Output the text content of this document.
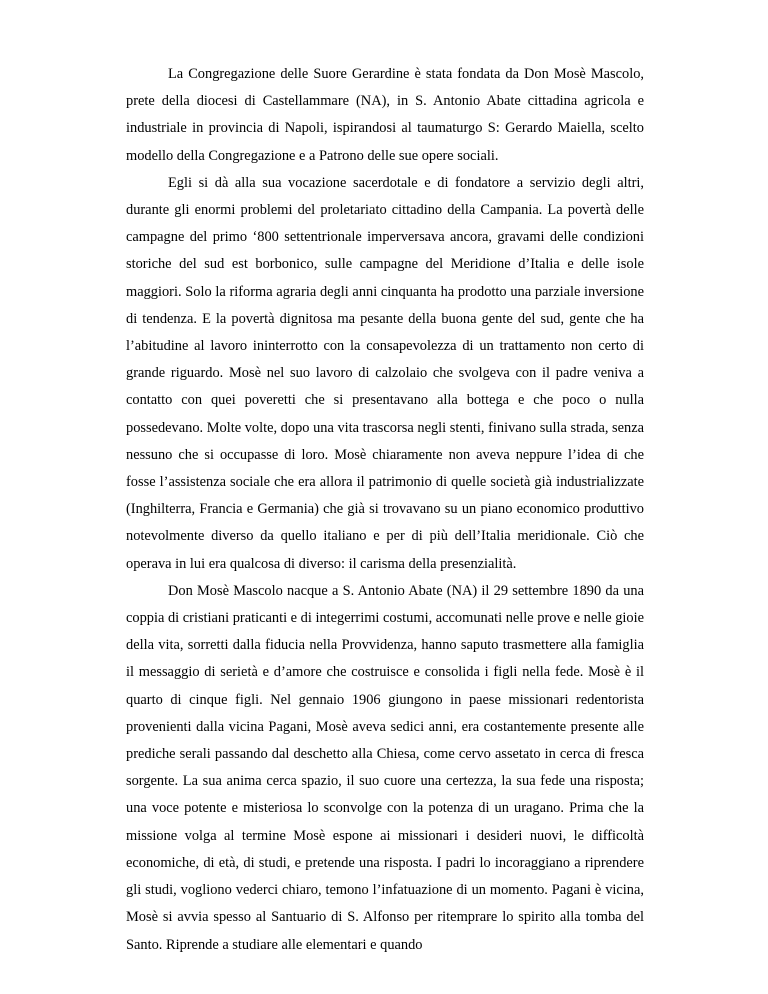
La Congregazione delle Suore Gerardine è stata fondata da Don Mosè Mascolo, prete della diocesi di Castellammare (NA), in S. Antonio Abate cittadina agricola e industriale in provincia di Napoli, ispirandosi al taumaturgo S: Gerardo Maiella, scelto modello della Congregazione e a Patrono delle sue opere sociali.

Egli si dà alla sua vocazione sacerdotale e di fondatore a servizio degli altri, durante gli enormi problemi del proletariato cittadino della Campania. La povertà delle campagne del primo ‘800 settentrionale imperversava ancora, gravami delle condizioni storiche del sud est borbonico, sulle campagne del Meridione d’Italia e delle isole maggiori. Solo la riforma agraria degli anni cinquanta ha prodotto una parziale inversione di tendenza. E la povertà dignitosa ma pesante della buona gente del sud, gente che ha l’abitudine al lavoro ininterrotto con la consapevolezza di un trattamento non certo di grande riguardo. Mosè nel suo lavoro di calzolaio che svolgeva con il padre veniva a contatto con quei poveretti che si presentavano alla bottega e che poco o nulla possedevano. Molte volte, dopo una vita trascorsa negli stenti, finivano sulla strada, senza nessuno che si occupasse di loro. Mosè chiaramente non aveva neppure l’idea di che fosse l’assistenza sociale che era allora il patrimonio di quelle società già industrializzate (Inghilterra, Francia e Germania) che già si trovavano su un piano economico produttivo notevolmente diverso da quello italiano e per di più dell’Italia meridionale. Ciò che operava in lui era qualcosa di diverso: il carisma della presenzialità.

Don Mosè Mascolo nacque a S. Antonio Abate (NA) il 29 settembre 1890 da una coppia di cristiani praticanti e di integerrimi costumi, accomunati nelle prove e nelle gioie della vita, sorretti dalla fiducia nella Provvidenza, hanno saputo trasmettere alla famiglia il messaggio di serietà e d’amore che costruisce e consolida i figli nella fede. Mosè è il quarto di cinque figli. Nel gennaio 1906 giungono in paese missionari redentorista provenienti dalla vicina Pagani, Mosè aveva sedici anni, era costantemente presente alle prediche serali passando dal deschetto alla Chiesa, come cervo assetato in cerca di fresca sorgente. La sua anima cerca spazio, il suo cuore una certezza, la sua fede una risposta; una voce potente e misteriosa lo sconvolge con la potenza di un uragano. Prima che la missione volga al termine Mosè espone ai missionari i desideri nuovi, le difficoltà economiche, di età, di studi, e pretende una risposta. I padri lo incoraggiano a riprendere gli studi, vogliono vederci chiaro, temono l’infatuazione di un momento. Pagani è vicina, Mosè si avvia spesso al Santuario di S. Alfonso per ritemprare lo spirito alla tomba del Santo. Riprende a studiare alle elementari e quando
